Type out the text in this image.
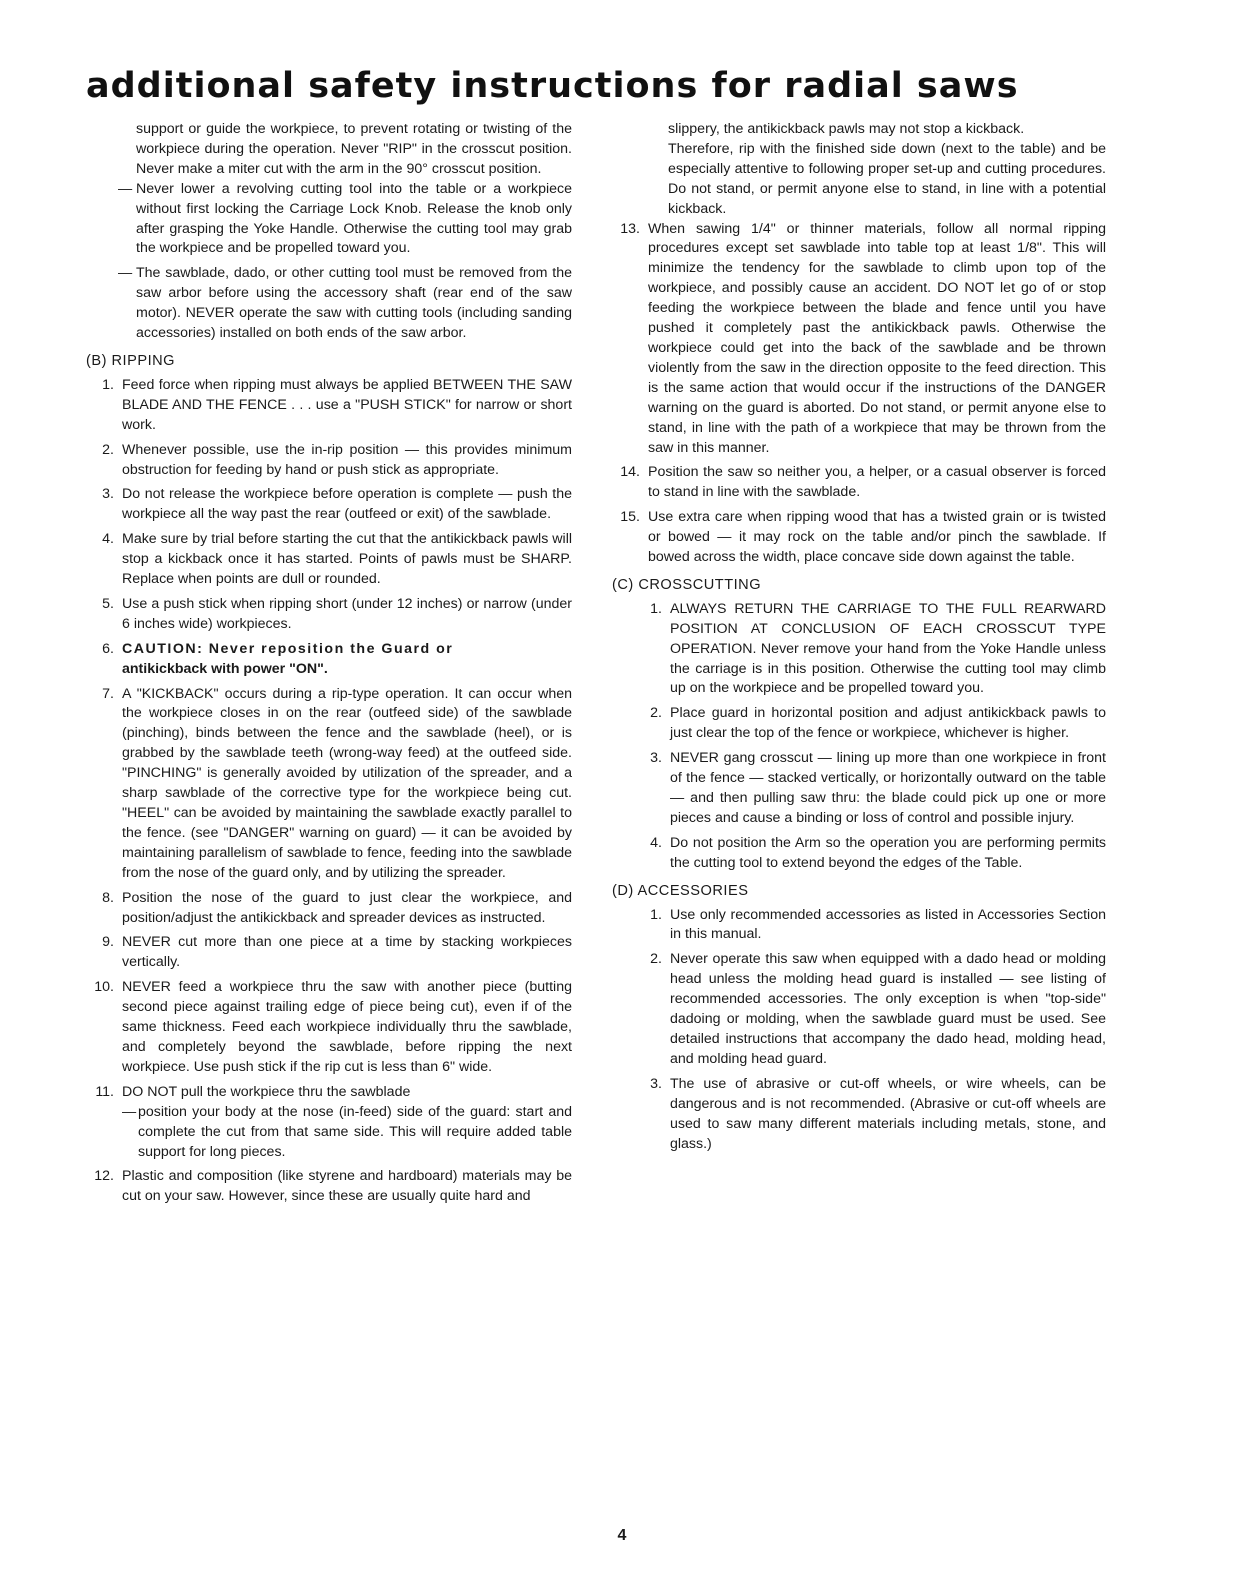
additional safety instructions for radial saws

support or guide the workpiece, to prevent rotating or twisting of the workpiece during the operation. Never "RIP" in the crosscut position. Never make a miter cut with the arm in the 90° crosscut position.

— Never lower a revolving cutting tool into the table or a workpiece without first locking the Carriage Lock Knob. Release the knob only after grasping the Yoke Handle. Otherwise the cutting tool may grab the workpiece and be propelled toward you.
— The sawblade, dado, or other cutting tool must be removed from the saw arbor before using the accessory shaft (rear end of the saw motor). NEVER operate the saw with cutting tools (including sanding accessories) installed on both ends of the saw arbor.
(B) RIPPING
1. Feed force when ripping must always be applied BETWEEN THE SAW BLADE AND THE FENCE . . . use a "PUSH STICK" for narrow or short work.
2. Whenever possible, use the in-rip position — this provides minimum obstruction for feeding by hand or push stick as appropriate.
3. Do not release the workpiece before operation is complete — push the workpiece all the way past the rear (outfeed or exit) of the sawblade.
4. Make sure by trial before starting the cut that the antikickback pawls will stop a kickback once it has started. Points of pawls must be SHARP. Replace when points are dull or rounded.
5. Use a push stick when ripping short (under 12 inches) or narrow (under 6 inches wide) workpieces.
6. CAUTION: Never reposition the Guard or
antikickback with power "ON".
7. A "KICKBACK" occurs during a rip-type operation. It can occur when the workpiece closes in on the rear (outfeed side) of the sawblade (pinching), binds between the fence and the sawblade (heel), or is grabbed by the sawblade teeth (wrong-way feed) at the outfeed side. "PINCHING" is generally avoided by utilization of the spreader, and a sharp sawblade of the corrective type for the workpiece being cut. "HEEL" can be avoided by maintaining the sawblade exactly parallel to the fence. (see "DANGER" warning on guard) — it can be avoided by maintaining parallelism of sawblade to fence, feeding into the sawblade from the nose of the guard only, and by utilizing the spreader.
8. Position the nose of the guard to just clear the workpiece, and position/adjust the antikickback and spreader devices as instructed.
9. NEVER cut more than one piece at a time by stacking workpieces vertically.
10. NEVER feed a workpiece thru the saw with another piece (butting second piece against trailing edge of piece being cut), even if of the same thickness. Feed each workpiece individually thru the sawblade, and completely beyond the sawblade, before ripping the next workpiece. Use push stick if the rip cut is less than 6" wide.
11. DO NOT pull the workpiece thru the sawblade
— position your body at the nose (in-feed) side of the guard: start and complete the cut from that same side. This will require added table support for long pieces.
12. Plastic and composition (like styrene and hardboard) materials may be cut on your saw. However, since these are usually quite hard and

slippery, the antikickback pawls may not stop a kickback.

Therefore, rip with the finished side down (next to the table) and be especially attentive to following proper set-up and cutting procedures. Do not stand, or permit anyone else to stand, in line with a potential kickback.

13. When sawing 1/4" or thinner materials, follow all normal ripping procedures except set sawblade into table top at least 1/8". This will minimize the tendency for the sawblade to climb upon top of the workpiece, and possibly cause an accident. DO NOT let go of or stop feeding the workpiece between the blade and fence until you have pushed it completely past the antikickback pawls. Otherwise the workpiece could get into the back of the sawblade and be thrown violently from the saw in the direction opposite to the feed direction. This is the same action that would occur if the instructions of the DANGER warning on the guard is aborted. Do not stand, or permit anyone else to stand, in line with the path of a workpiece that may be thrown from the saw in this manner.
14. Position the saw so neither you, a helper, or a casual observer is forced to stand in line with the sawblade.
15. Use extra care when ripping wood that has a twisted grain or is twisted or bowed — it may rock on the table and/or pinch the sawblade. If bowed across the width, place concave side down against the table.
(C) CROSSCUTTING
1. ALWAYS RETURN THE CARRIAGE TO THE FULL REARWARD POSITION AT CONCLUSION OF EACH CROSSCUT TYPE OPERATION. Never remove your hand from the Yoke Handle unless the carriage is in this position. Otherwise the cutting tool may climb up on the workpiece and be propelled toward you.
2. Place guard in horizontal position and adjust antikickback pawls to just clear the top of the fence or workpiece, whichever is higher.
3. NEVER gang crosscut — lining up more than one workpiece in front of the fence — stacked vertically, or horizontally outward on the table — and then pulling saw thru: the blade could pick up one or more pieces and cause a binding or loss of control and possible injury.
4. Do not position the Arm so the operation you are performing permits the cutting tool to extend beyond the edges of the Table.
(D) ACCESSORIES
1. Use only recommended accessories as listed in Accessories Section in this manual.
2. Never operate this saw when equipped with a dado head or molding head unless the molding head guard is installed — see listing of recommended accessories. The only exception is when "top-side" dadoing or molding, when the sawblade guard must be used. See detailed instructions that accompany the dado head, molding head, and molding head guard.
3. The use of abrasive or cut-off wheels, or wire wheels, can be dangerous and is not recommended. (Abrasive or cut-off wheels are used to saw many different materials including metals, stone, and glass.)
4
